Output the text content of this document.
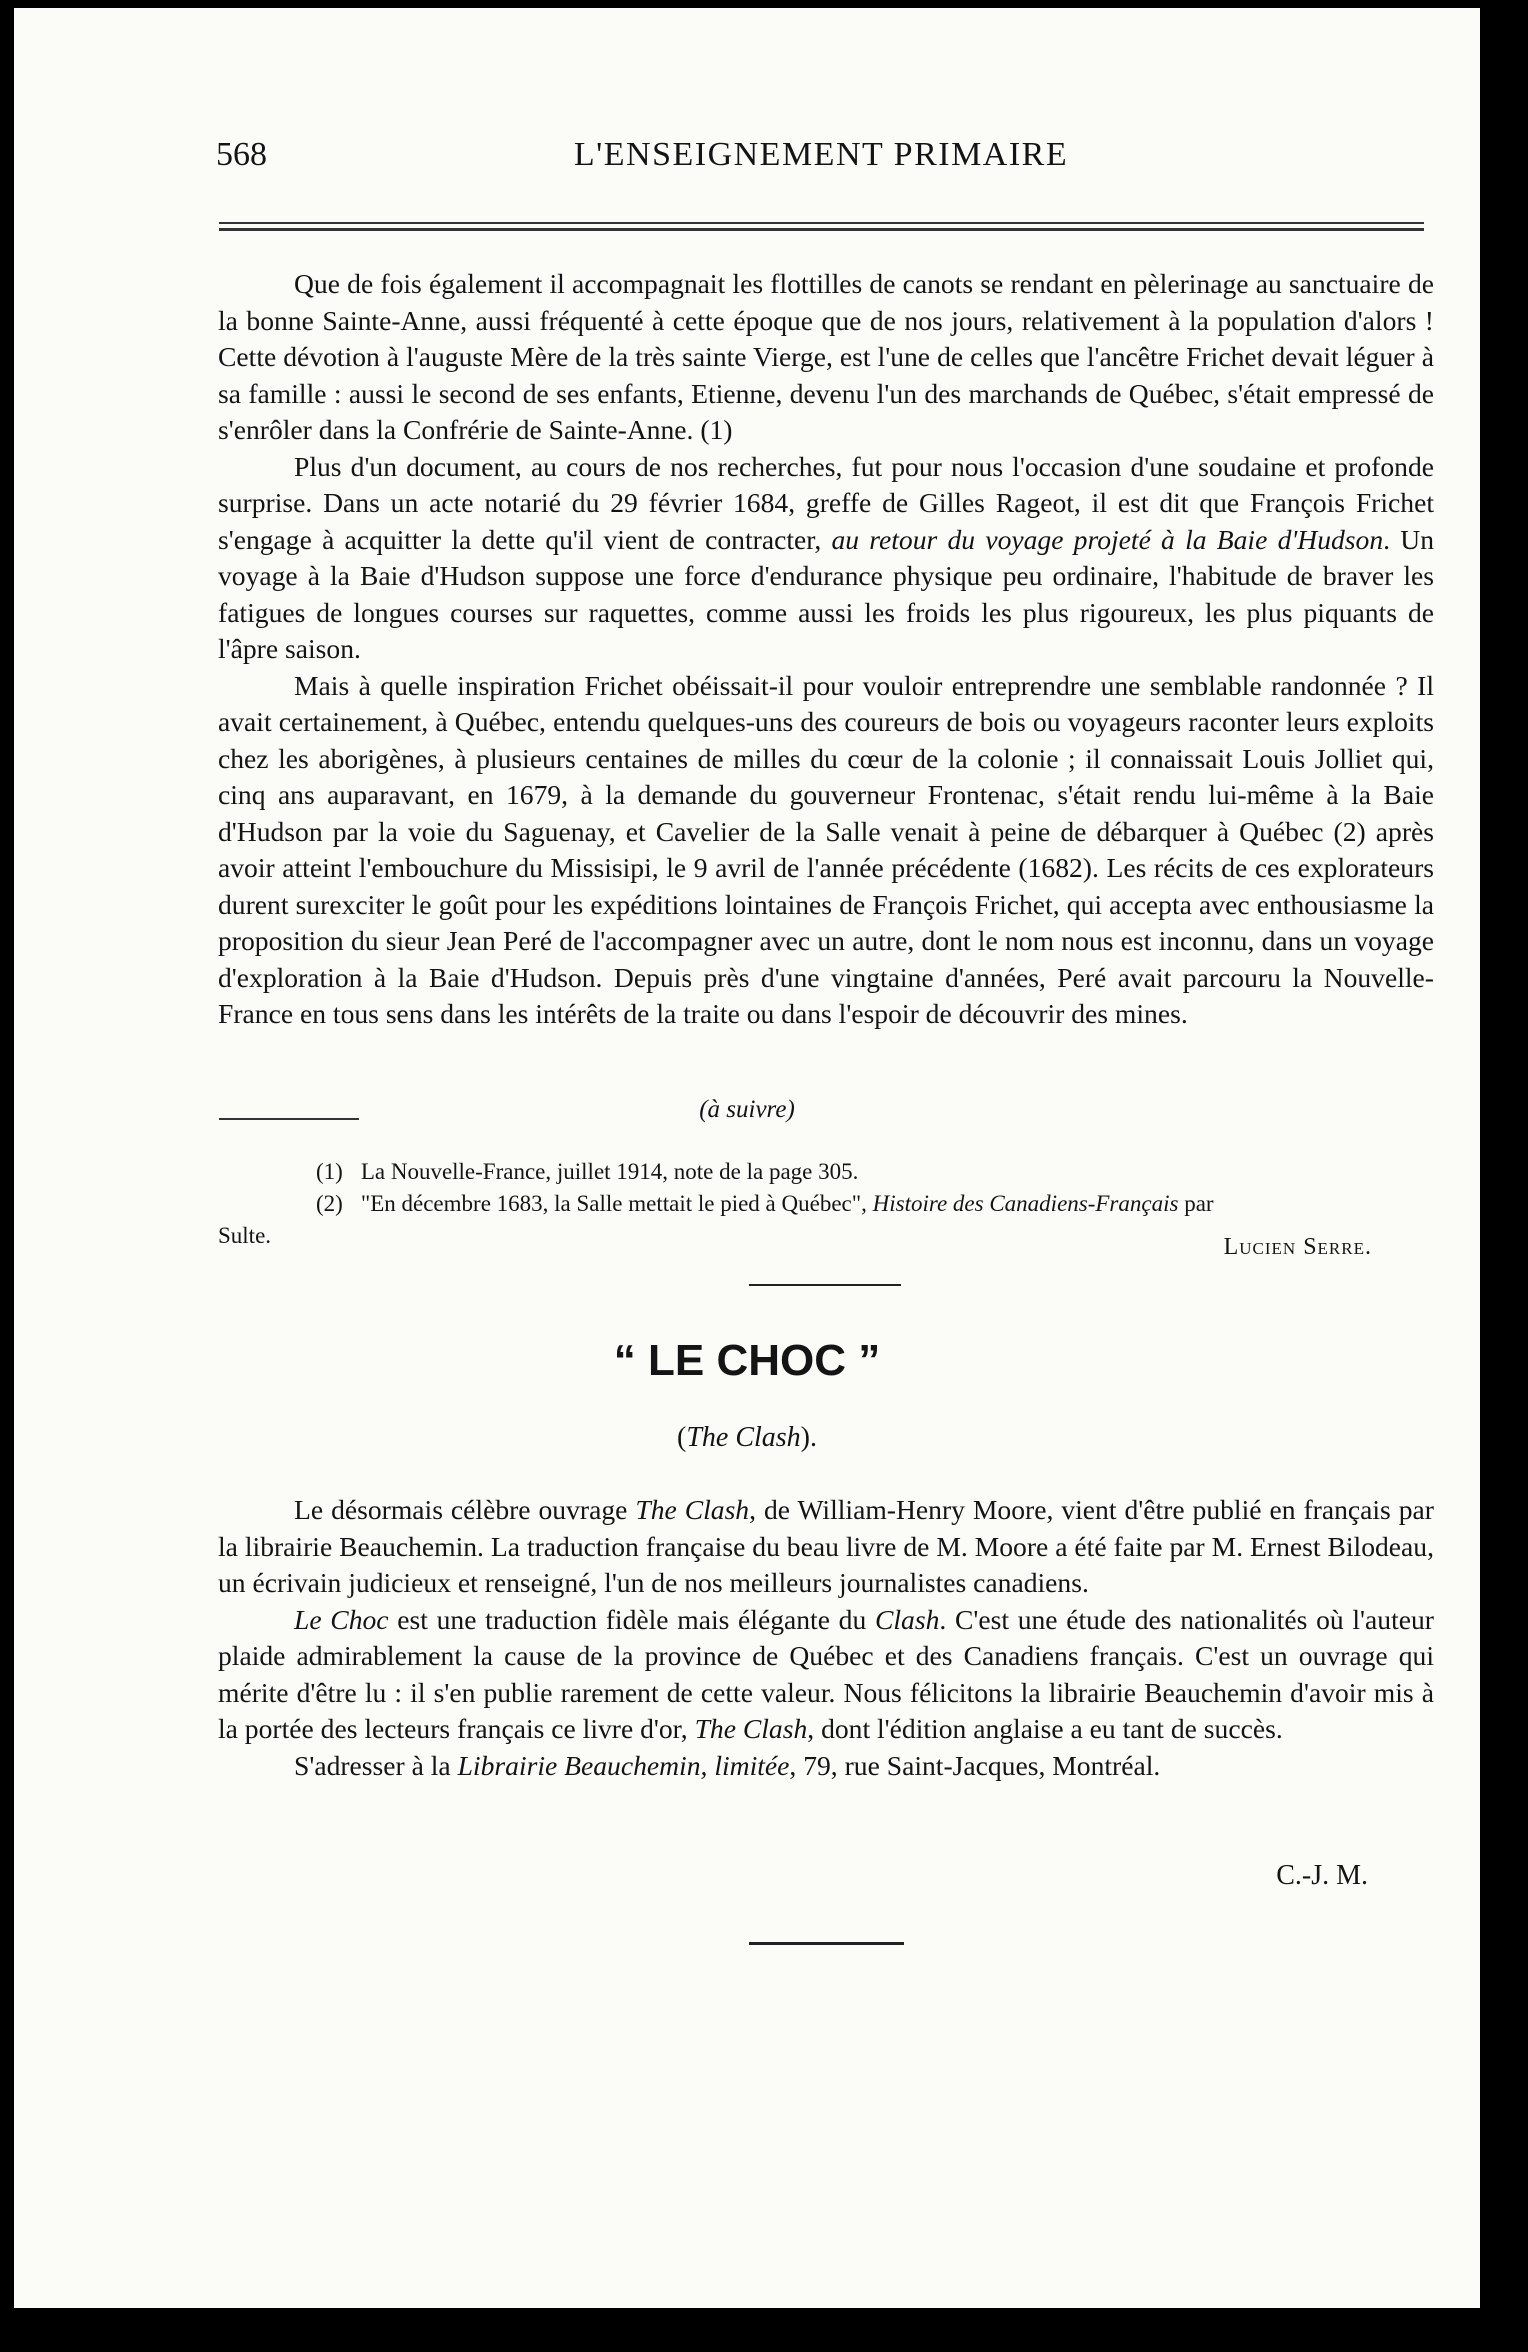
568	L'ENSEIGNEMENT PRIMAIRE

Que de fois également il accompagnait les flottilles de canots se rendant en pèlerinage au sanctuaire de la bonne Sainte-Anne, aussi fréquenté à cette époque que de nos jours, relativement à la population d'alors ! Cette dévotion à l'auguste Mère de la très sainte Vierge, est l'une de celles que l'ancêtre Frichet devait léguer à sa famille : aussi le second de ses enfants, Etienne, devenu l'un des marchands de Québec, s'était empressé de s'enrôler dans la Confrérie de Sainte-Anne. (1)

Plus d'un document, au cours de nos recherches, fut pour nous l'occasion d'une soudaine et profonde surprise. Dans un acte notarié du 29 février 1684, greffe de Gilles Rageot, il est dit que François Frichet s'engage à acquitter la dette qu'il vient de contracter, au retour du voyage projeté à la Baie d'Hudson. Un voyage à la Baie d'Hudson suppose une force d'endurance physique peu ordinaire, l'habitude de braver les fatigues de longues courses sur raquettes, comme aussi les froids les plus rigoureux, les plus piquants de l'âpre saison.

Mais à quelle inspiration Frichet obéissait-il pour vouloir entreprendre une semblable randonnée ? Il avait certainement, à Québec, entendu quelques-uns des coureurs de bois ou voyageurs raconter leurs exploits chez les aborigènes, à plusieurs centaines de milles du cœur de la colonie ; il connaissait Louis Jolliet qui, cinq ans auparavant, en 1679, à la demande du gouverneur Frontenac, s'était rendu lui-même à la Baie d'Hudson par la voie du Saguenay, et Cavelier de la Salle venait à peine de débarquer à Québec (2) après avoir atteint l'embouchure du Missisipi, le 9 avril de l'année précédente (1682). Les récits de ces explorateurs durent surexciter le goût pour les expéditions lointaines de François Frichet, qui accepta avec enthousiasme la proposition du sieur Jean Peré de l'accompagner avec un autre, dont le nom nous est inconnu, dans un voyage d'exploration à la Baie d'Hudson. Depuis près d'une vingtaine d'années, Peré avait parcouru la Nouvelle-France en tous sens dans les intérêts de la traite ou dans l'espoir de découvrir des mines.

(à suivre)
(1) La Nouvelle-France, juillet 1914, note de la page 305.
(2) "En décembre 1683, la Salle mettait le pied à Québec", Histoire des Canadiens-Français par
Sulte.	Lucien Serre.
“ LE CHOC ”
(The Clash).

Le désormais célèbre ouvrage The Clash, de William-Henry Moore, vient d'être publié en français par la librairie Beauchemin. La traduction française du beau livre de M. Moore a été faite par M. Ernest Bilodeau, un écrivain judicieux et renseigné, l'un de nos meilleurs journalistes canadiens.

Le Choc est une traduction fidèle mais élégante du Clash. C'est une étude des nationalités où l'auteur plaide admirablement la cause de la province de Québec et des Canadiens français. C'est un ouvrage qui mérite d'être lu : il s'en publie rarement de cette valeur. Nous félicitons la librairie Beauchemin d'avoir mis à la portée des lecteurs français ce livre d'or, The Clash, dont l'édition anglaise a eu tant de succès.

S'adresser à la Librairie Beauchemin, limitée, 79, rue Saint-Jacques, Montréal.

C.-J. M.
